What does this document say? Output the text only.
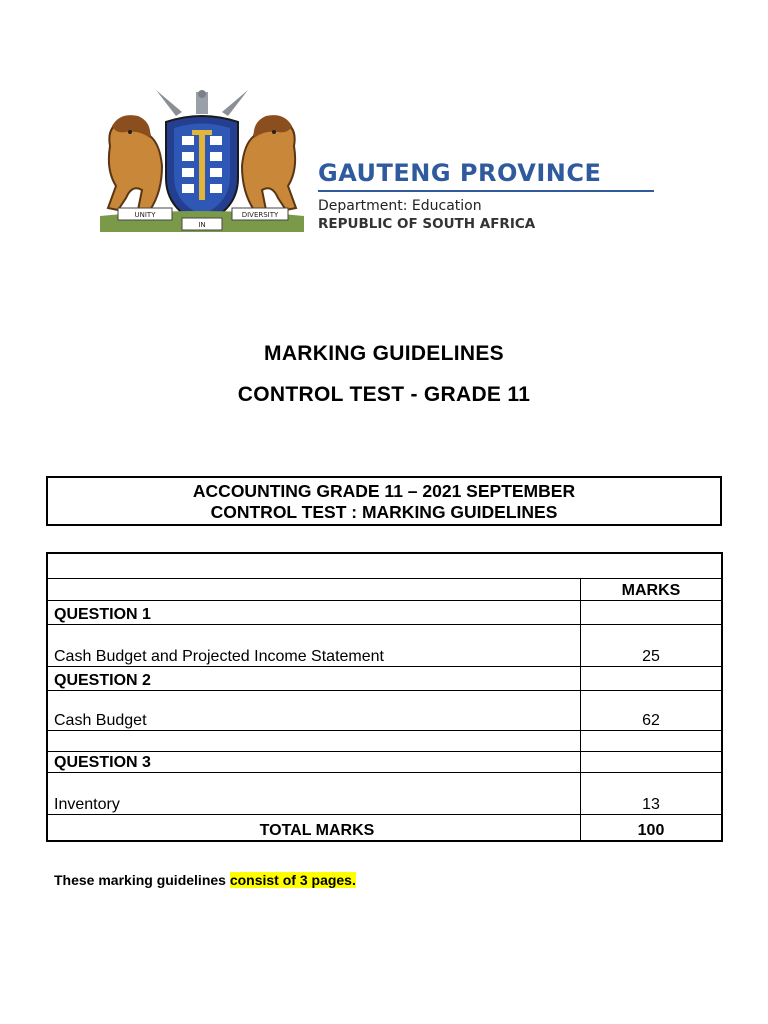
UNITY
IN
DIVERSITY
GAUTENG PROVINCE
Department: Education
REPUBLIC OF SOUTH AFRICA
MARKING GUIDELINES
CONTROL TEST - GRADE 11
ACCOUNTING GRADE 11 – 2021 SEPTEMBER
CONTROL TEST : MARKING GUIDELINES

	MARKS
QUESTION 1	
Cash Budget and Projected Income Statement	25
QUESTION 2	
Cash Budget	62

QUESTION 3	
Inventory	13
TOTAL MARKS	100
These marking guidelines consist of 3 pages.
